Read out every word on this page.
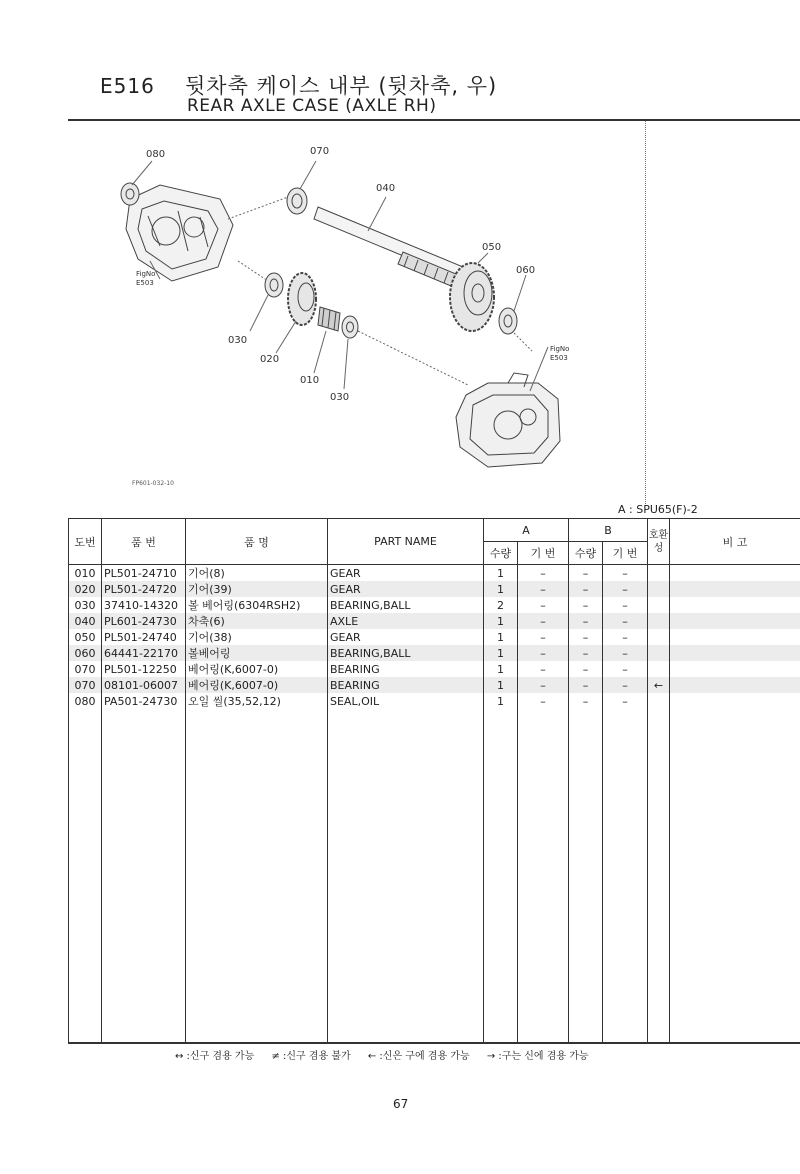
E516 뒷차축 케이스 내부 (뒷차축, 우)
REAR AXLE CASE (AXLE RH)
080	070
040
050
060
030
020
010
030
FigNo
E503
FigNo
E503
FP601-032-10
A : SPU65(F)-2
도번	품 번	품 명	PART NAME	A		B		호환성	비 고
				수량	기 번	수량	기 번		
010	PL501-24710	기어(8)	GEAR	1	–	–	–		
020	PL501-24720	기어(39)	GEAR	1	–	–	–		
030	37410-14320	볼 베어링(6304RSH2)	BEARING,BALL	2	–	–	–		
040	PL601-24730	차축(6)	AXLE	1	–	–	–		
050	PL501-24740	기어(38)	GEAR	1	–	–	–		
060	64441-22170	볼베어링	BEARING,BALL	1	–	–	–		
070	PL501-12250	베어링(K,6007-0)	BEARING	1	–	–	–		
070	08101-06007	베어링(K,6007-0)	BEARING	1	–	–	–	←	
080	PA501-24730	오일 씰(35,52,12)	SEAL,OIL	1	–	–	–		

↔ :신구 겸용 가능 ≠ :신구 겸용 불가 ← :신은 구에 겸용 가능 → :구는 신에 겸용 가능
67
